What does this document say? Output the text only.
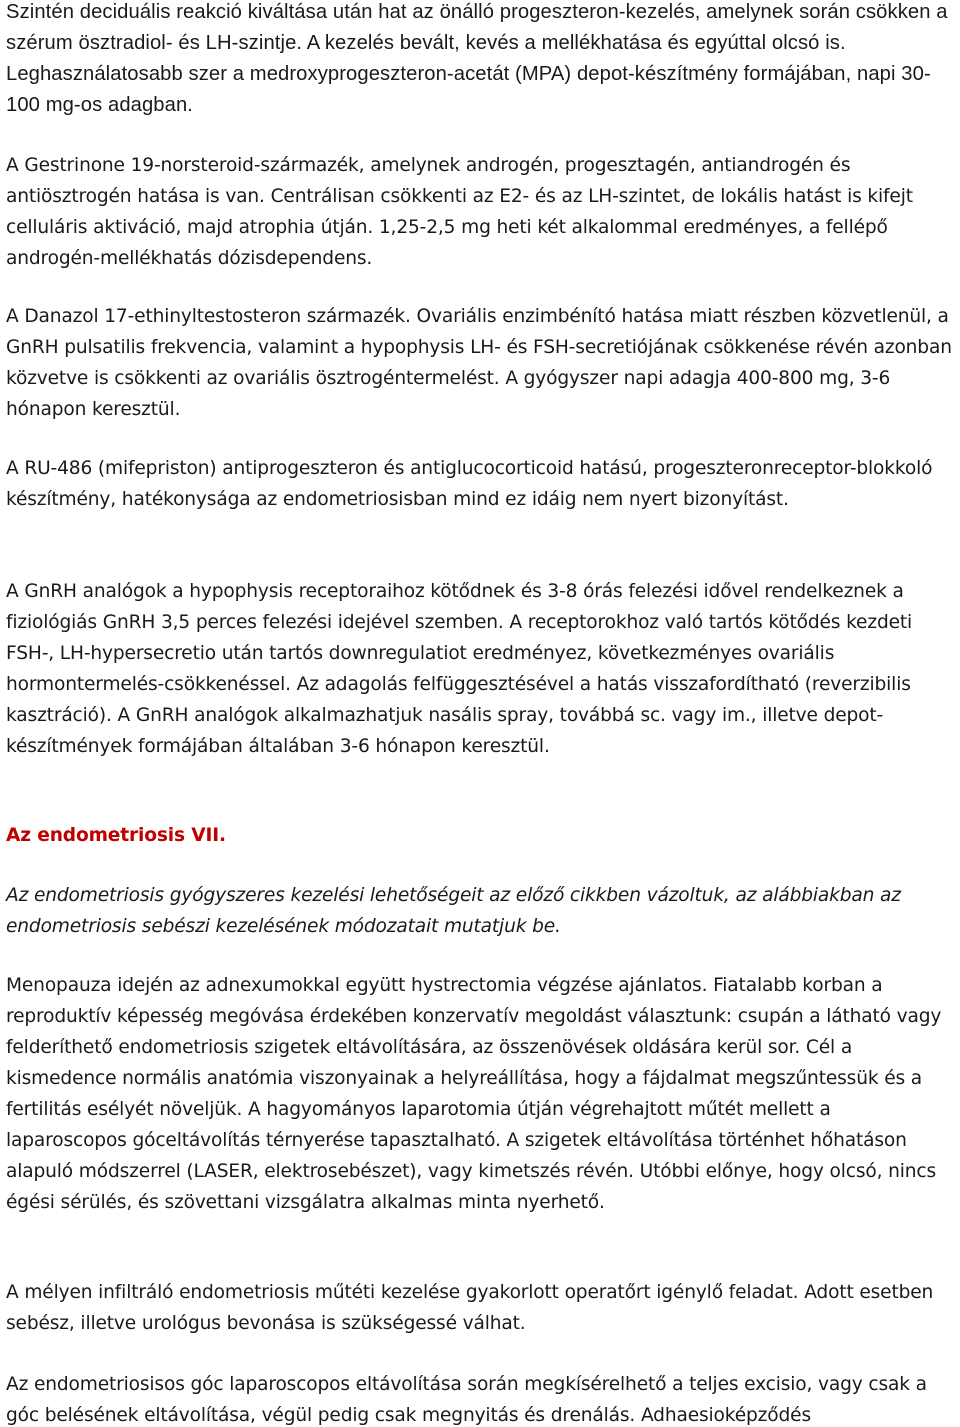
Szintén deciduális reakció kiváltása után hat az önálló progeszteron-kezelés, amelynek során csökken a szérum ösztradiol- és LH-szintje. A kezelés bevált, kevés a mellékhatása és egyúttal olcsó is. Leghasználatosabb szer a medroxyprogeszteron-acetát (MPA) depot-készítmény formájában, napi 30-100 mg-os adagban.

A Gestrinone 19-norsteroid-származék, amelynek androgén, progesztagén, antiandrogén és antiösztrogén hatása is van. Centrálisan csökkenti az E2- és az LH-szintet, de lokális hatást is kifejt celluláris aktiváció, majd atrophia útján. 1,25-2,5 mg heti két alkalommal eredményes, a fellépő androgén-mellékhatás dózisdependens.

A Danazol 17-ethinyltestosteron származék. Ovariális enzimbénító hatása miatt részben közvetlenül, a GnRH pulsatilis frekvencia, valamint a hypophysis LH- és FSH-secretiójának csökkenése révén azonban közvetve is csökkenti az ovariális ösztrogéntermelést. A gyógyszer napi adagja 400-800 mg, 3-6 hónapon keresztül.

A RU-486 (mifepriston) antiprogeszteron és antiglucocorticoid hatású, progeszteronreceptor-blokkoló készítmény, hatékonysága az endometriosisban mind ez idáig nem nyert bizonyítást.

A GnRH analógok a hypophysis receptoraihoz kötődnek és 3-8 órás felezési idővel rendelkeznek a fiziológiás GnRH 3,5 perces felezési idejével szemben. A receptorokhoz való tartós kötődés kezdeti FSH-, LH-hypersecretio után tartós downregulatiot eredményez, következményes ovariális hormontermelés-csökkenéssel. Az adagolás felfüggesztésével a hatás visszafordítható (reverzibilis kasztráció). A GnRH analógok alkalmazhatjuk nasális spray, továbbá sc. vagy im., illetve depot-készítmények formájában általában 3-6 hónapon keresztül.

Az endometriosis VII.

Az endometriosis gyógyszeres kezelési lehetőségeit az előző cikkben vázoltuk, az alábbiakban az endometriosis sebészi kezelésének módozatait mutatjuk be.

Menopauza idején az adnexumokkal együtt hystrectomia végzése ajánlatos. Fiatalabb korban a reproduktív képesség megóvása érdekében konzervatív megoldást választunk: csupán a látható vagy felderíthető endometriosis szigetek eltávolítására, az összenövések oldására kerül sor. Cél a kismedence normális anatómia viszonyainak a helyreállítása, hogy a fájdalmat megszűntessük és a fertilitás esélyét növeljük. A hagyományos laparotomia útján végrehajtott műtét mellett a laparoscopos góceltávolítás térnyerése tapasztalható. A szigetek eltávolítása történhet hőhatáson alapuló módszerrel (LASER, elektrosebészet), vagy kimetszés révén. Utóbbi előnye, hogy olcsó, nincs égési sérülés, és szövettani vizsgálatra alkalmas minta nyerhető.

A mélyen infiltráló endometriosis műtéti kezelése gyakorlott operatőrt igénylő feladat. Adott esetben sebész, illetve urológus bevonása is szükségessé válhat.

Az endometriosisos góc laparoscopos eltávolítása során megkísérelhető a teljes excisio, vagy csak a góc belésének eltávolítása, végül pedig csak megnyitás és drenálás. Adhaesioképződés
